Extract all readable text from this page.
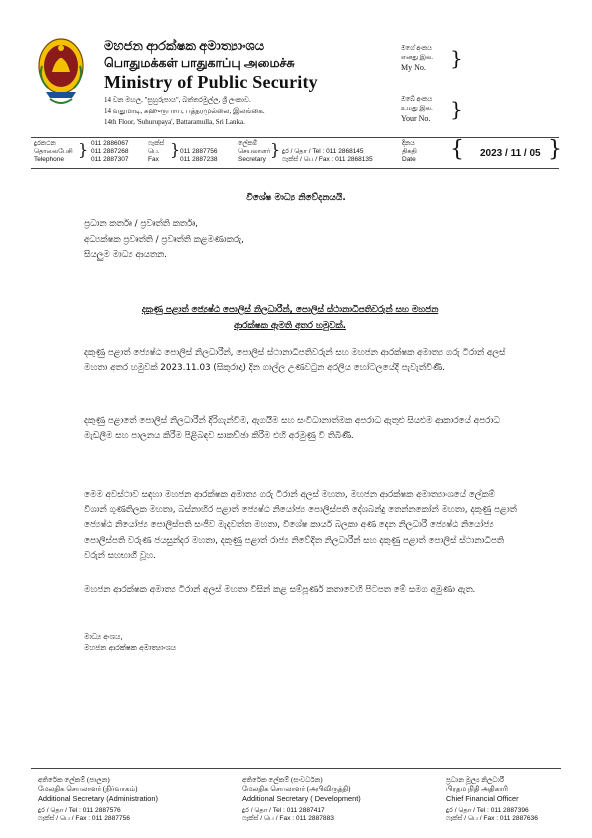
මහජන ආරක්ෂක අමාත්‍යාංශය
பொதுமக்கள் பாதுகாப்பு அமைச்சு
Ministry of Public Security
14 වන මහල, "සුහුරුපාය", බත්තරමුල්ල, ශ්‍රී ලංකාව.
14 வதுமாடி, சுஹுருபாய, பத்தரமுல்லை, இலங்கை.
14th Floor, 'Suhurupaya', Battaramulla, Sri Lanka.
මගේ අංකය
எனது இல.
My No. }
ඔබේ අංකය
உமது இல.
Your No. }
දුරකථන
தொலைபேசி
Telephone
} 011 2886067
011 2887268
011 2887307
ෆැක්ස්
பெ.
Fax
} 011 2887756
011 2887238
ලේකම්
செயலாளர்
Secretary
} දුර / தொ / Tel : 011 2868145
ෆැක්ස් / பெ / Fax : 011 2868135
දිනය
திகதி
Date {	}
2023 / 11 / 05
විශේෂ මාධ්‍ය නිවේදනයයි.
ප්‍රධාන කර්තෘ / ප්‍රවෘත්ති කර්තෘ,
අධ්‍යක්ෂක ප්‍රවෘත්ති / ප්‍රවෘත්ති කළමණාකරු,
සියලුම මාධ්‍ය ආයතන.
දකුණු පළාත් ජ්‍යෙෂ්ඨ පොලිස් නිලධාරීන්, පොලිස් ස්ථානාධිපතිවරුන් සහ මහජන
ආරක්ෂක ඇමති අතර හමුවක්.

දකුණු පළාත් ජ්‍යෙෂ්ඨ පොලිස් නිලධාරීන්, පොලිස් ස්ථානාධිපතිවරුන් සහ මහජන ආරක්ෂක අමාත්‍ය ගරු ටිරාන් අලස් මහතා අතර හමුවක් 2023.11.03 (සිකුරාදා) දින ගාල්ල උණවටුන අරලිය හෝටලයේදී පැවැත්විණි.

දකුණු පළාතේ පොලිස් නිලධාරීන් දිරිගැන්වීම, ඇගයීම සහ සංවිධානාත්මක අපරාධ ඇතුළු සියළුම ආකාරයේ අපරාධ මැඩලීම සහ පාලනය කිරීම පිළිබඳව සාකච්ඡා කිරීම එහි අරමුණු වී තිබිණි.

මෙම අවස්ථාව සඳහා මහජන ආරක්ෂක අමාත්‍ය ගරු ටිරාන් අලස් මහතා, මහජන ආරක්ෂක අමාත්‍යාංශයේ ලේකම් විශාන් ගුණතිලක මහතා, බස්නාහිර පළාත් ජ්‍යෙෂ්ඨ නියෝජ්‍ය පොලිස්පති දේශබන්දු තෙන්නකෝන් මහතා, දකුණු පළාත් ජ්‍යෙෂ්ඨ නියෝජ්‍ය පොලිස්පති සංජීව මැදවත්ත මහතා, විශේෂ කාර්ය බලකා අණ දෙන නිලධාරී ජ්‍යෙෂ්ඨ නියෝජ්‍ය පොලිස්පති වරුණ ජයසුන්දර මහතා, දකුණු පළාත් රාජ්‍ය නිවේදිත නිලධාරීන් සහ දකුණු පළාත් පොලිස් ස්ථානාධිපති වරුන් සහභාගී වූහ.

මහජන ආරක්ෂක අමාත්‍ය ටිරාන් අලස් මහතා විසින් කළ සම්පූර්ණ කතාවෙහි පිටපත මේ සමග අමුණා ඇත.

මාධ්‍ය අංශය,
මහජන ආරක්ෂක අමාත්‍යාංශය
අතිරේක ලේකම් (පාලන)
மேலதிக செயலாளர் (நிர்வாகம்)
Additional Secretary (Administration)
දුර / தொ / Tel : 011 2887576
ෆැක්ස් / பெ / Fax : 011 2887756
අතිරේක ලේකම් (සංවර්ධන)
மேலதிக செயலாளர் (அபிவிருத்தி)
Additional Secretary ( Development)
දුර / தொ / Tel : 011 2887417
ෆැක්ස් / பெ / Fax : 011 2887883
ප්‍රධාන මූල්‍ය නිලධාරී
பிரதம நிதி அதிகாரி
Chief Financial Officer
දුර / தொ / Tel : 011 2887396
ෆැක්ස් / பெ / Fax : 011 2887636
